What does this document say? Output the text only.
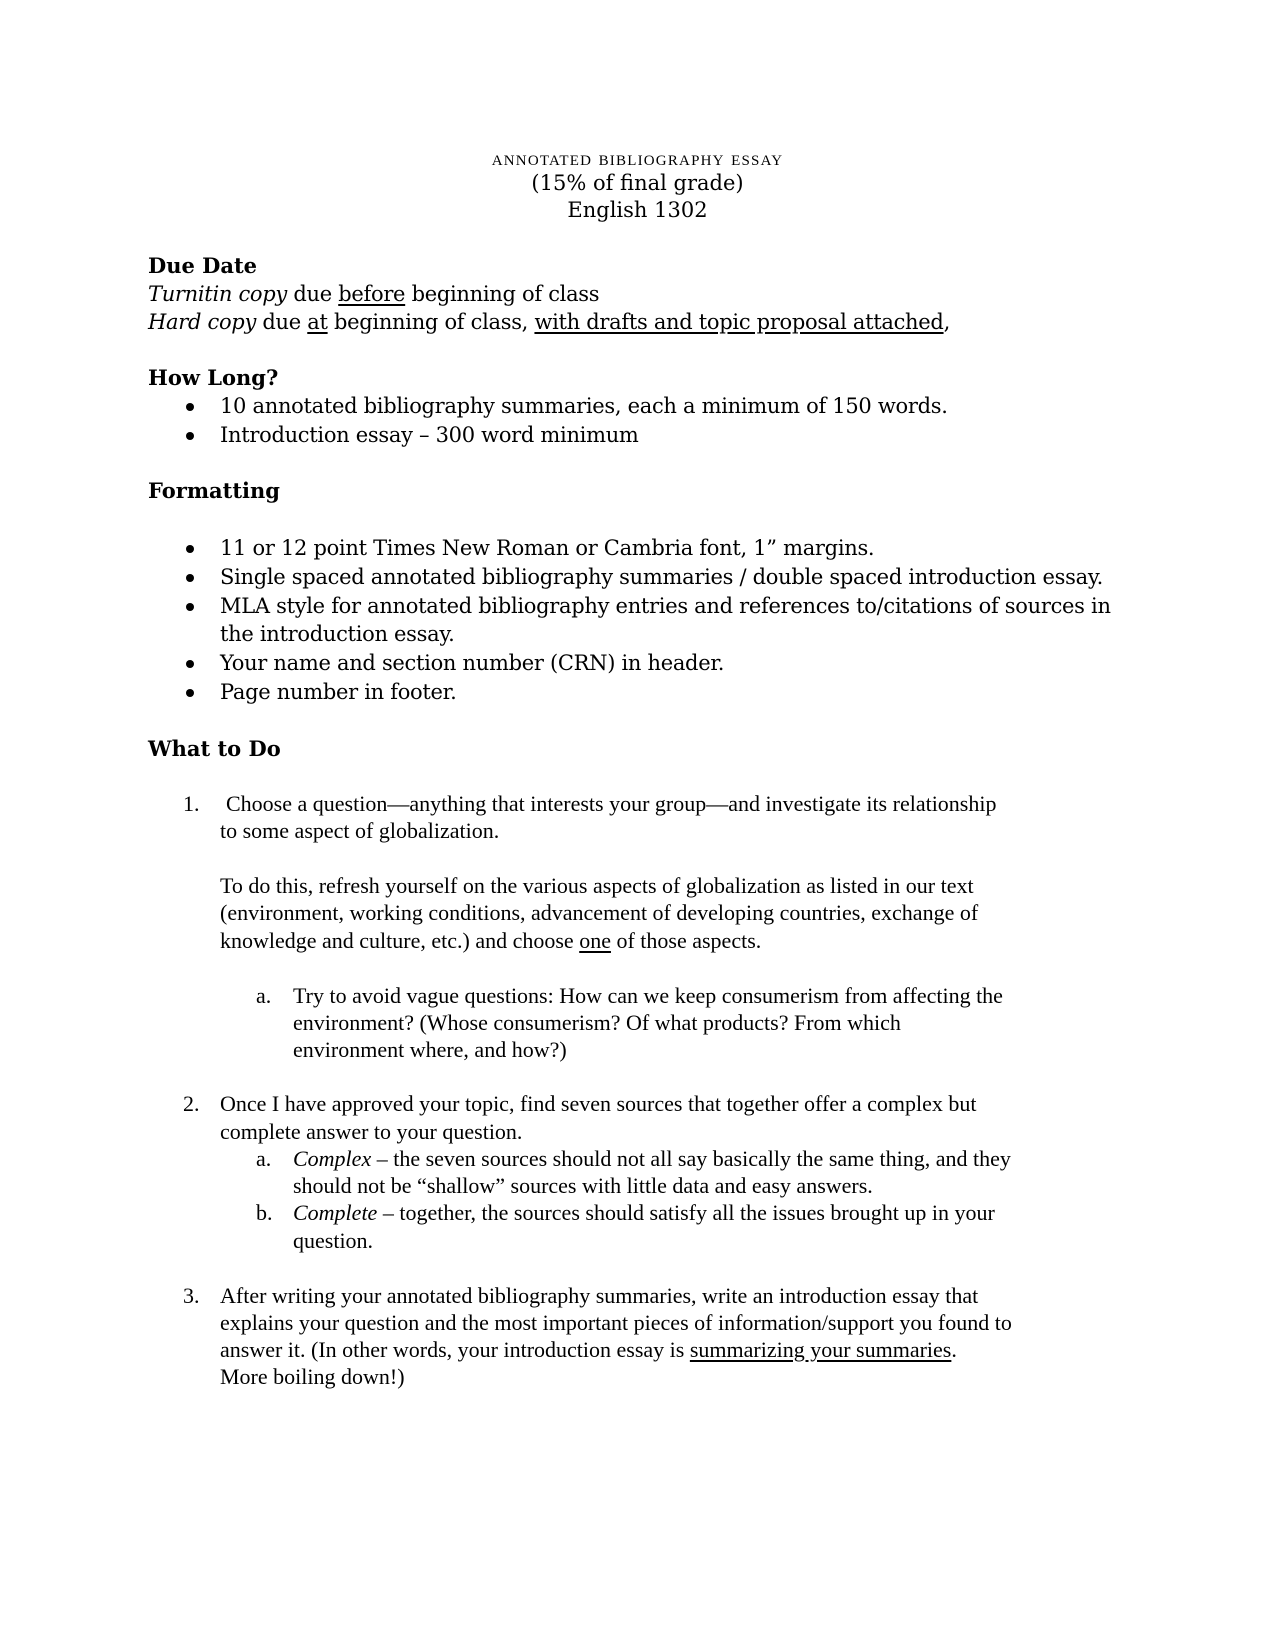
annotated bibliography essay
(15% of final grade)
English 1302
Due Date
Turnitin copy due before beginning of class
Hard copy due at beginning of class, with drafts and topic proposal attached,
How Long?
10 annotated bibliography summaries, each a minimum of 150 words.
Introduction essay – 300 word minimum
Formatting
11 or 12 point Times New Roman or Cambria font, 1” margins.
Single spaced annotated bibliography summaries / double spaced introduction essay.
MLA style for annotated bibliography entries and references to/citations of sources in
the introduction essay.
Your name and section number (CRN) in header.
Page number in footer.
What to Do
1. Choose a question—anything that interests your group—and investigate its relationship
to some aspect of globalization.
To do this, refresh yourself on the various aspects of globalization as listed in our text
(environment, working conditions, advancement of developing countries, exchange of
knowledge and culture, etc.) and choose one of those aspects.
a. Try to avoid vague questions: How can we keep consumerism from affecting the
environment? (Whose consumerism? Of what products? From which
environment where, and how?)
2. Once I have approved your topic, find seven sources that together offer a complex but
complete answer to your question.
a. Complex – the seven sources should not all say basically the same thing, and they
should not be “shallow” sources with little data and easy answers.
b. Complete – together, the sources should satisfy all the issues brought up in your
question.
3. After writing your annotated bibliography summaries, write an introduction essay that
explains your question and the most important pieces of information/support you found to
answer it. (In other words, your introduction essay is summarizing your summaries.
More boiling down!)
